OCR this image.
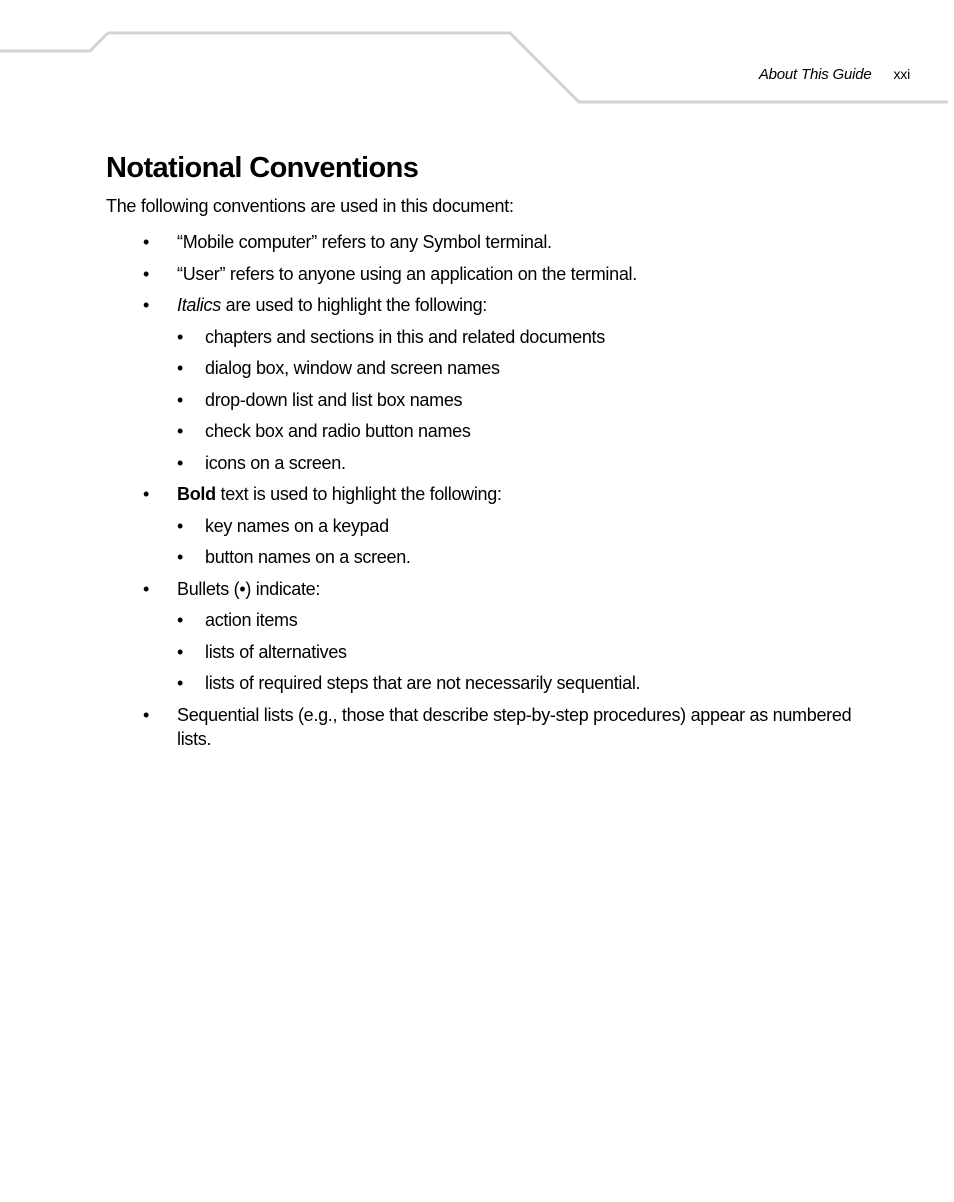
About This Guide xxi
Notational Conventions

The following conventions are used in this document:

• “Mobile computer” refers to any Symbol terminal.
• “User” refers to anyone using an application on the terminal.
• Italics are used to highlight the following:
• chapters and sections in this and related documents
• dialog box, window and screen names
• drop-down list and list box names
• check box and radio button names
• icons on a screen.
• Bold text is used to highlight the following:
• key names on a keypad
• button names on a screen.
• Bullets (•) indicate:
• action items
• lists of alternatives
• lists of required steps that are not necessarily sequential.
• Sequential lists (e.g., those that describe step-by-step procedures) appear as numbered lists.
